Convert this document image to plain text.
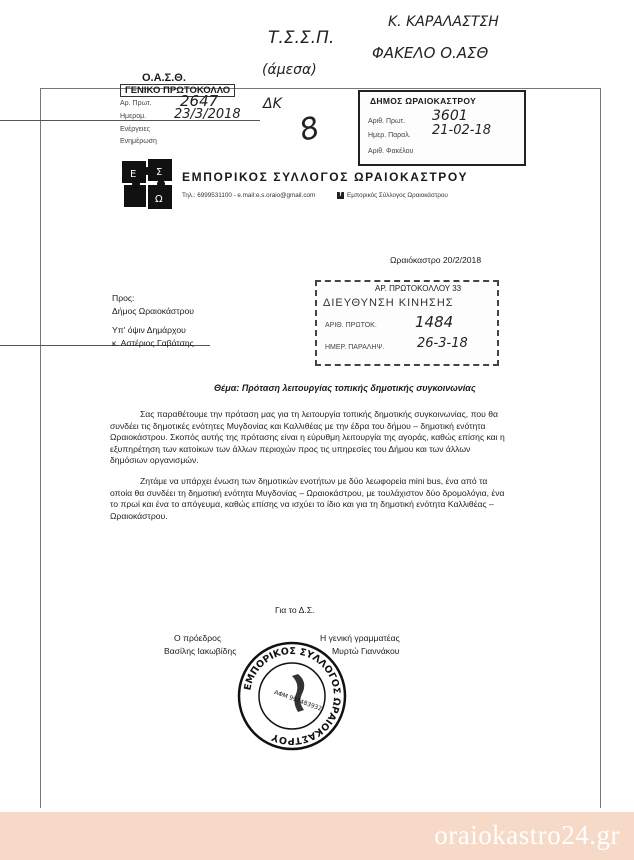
Τ.Σ.Σ.Π.
(άμεσα)
Κ. ΚΑΡΑΛΑΣΤΣΗ
ΦΑΚΕΛΟ Ο.ΑΣΘ
ΔΚ
8
Ο.Α.Σ.Θ.
ΓΕΝΙΚΟ ΠΡΩΤΟΚΟΛΛΟ
Αρ. Πρωτ. 2647
Ημερομ. 23/3/2018
Ενέργειες
Ενημέρωση
ΔΗΜΟΣ ΩΡΑΙΟΚΑΣΤΡΟΥ
Αριθ. Πρωτ. 3601
Ημερ. Παραλ. 21-02-18
Αριθ. Φακέλου
Ε Σ
Ω
ΕΜΠΟΡΙΚΟΣ ΣΥΛΛΟΓΟΣ ΩΡΑΙΟΚΑΣΤΡΟΥ
Τηλ.: 6999531100 - e.mail:e.s.oraio@gmail.com	f Εμπορικός Σύλλογος Ωραιοκάστρου
Ωραιόκαστρο 20/2/2018
ΑΡ. ΠΡΩΤΟΚΟΛΛΟΥ 33
ΔΙΕΥΘΥΝΣΗ ΚΙΝΗΣΗΣ
ΑΡΙΘ. ΠΡΩΤΟΚ.	1484
ΗΜΕΡ. ΠΑΡΑΛΗΨ.	26-3-18
Προς:
Δήμος Ωραιοκάστρου
Υπ' όψιν Δημάρχου
κ. Αστέριος Γαβότσης
Θέμα: Πρόταση λειτουργίας τοπικής δημοτικής συγκοινωνίας
Σας παραθέτουμε την πρόταση μας για τη λειτουργία τοπικής δημοτικής συγκοινωνίας, που θα συνδέει τις δημοτικές ενότητες Μυγδονίας και Καλλιθέας με την έδρα του δήμου – δημοτική ενότητα Ωραιοκάστρου. Σκοπός αυτής της πρότασης είναι η εύρυθμη λειτουργία της αγοράς, καθώς επίσης και η εξυπηρέτηση των κατοίκων των άλλων περιοχών προς τις υπηρεσίες του Δήμου και των άλλων δημόσιων οργανισμών.
Ζητάμε να υπάρχει ένωση των δημοτικών ενοτήτων με δύο λεωφορεία mini bus, ένα από τα οποία θα συνδέει τη δημοτική ενότητα Μυγδονίας – Ωραιοκάστρου, με τουλάχιστον δύο δρομολόγια, ένα το πρωί και ένα το απόγευμα, καθώς επίσης να ισχύει το ίδιο και για τη δημοτική ενότητα Καλλιθέας – Ωραιοκάστρου.
Για το Δ.Σ.
Ο πρόεδρος
Βασίλης Ιακωβίδης
Η γενική γραμματέας
Μυρτώ Γιαννάκου
ΕΜΠΟΡΙΚΟΣ ΣΥΛΛΟΓΟΣ ΩΡΑΙΟΚΑΣΤΡΟΥ
ΑΦΜ 997483932
oraiokastro24.gr
